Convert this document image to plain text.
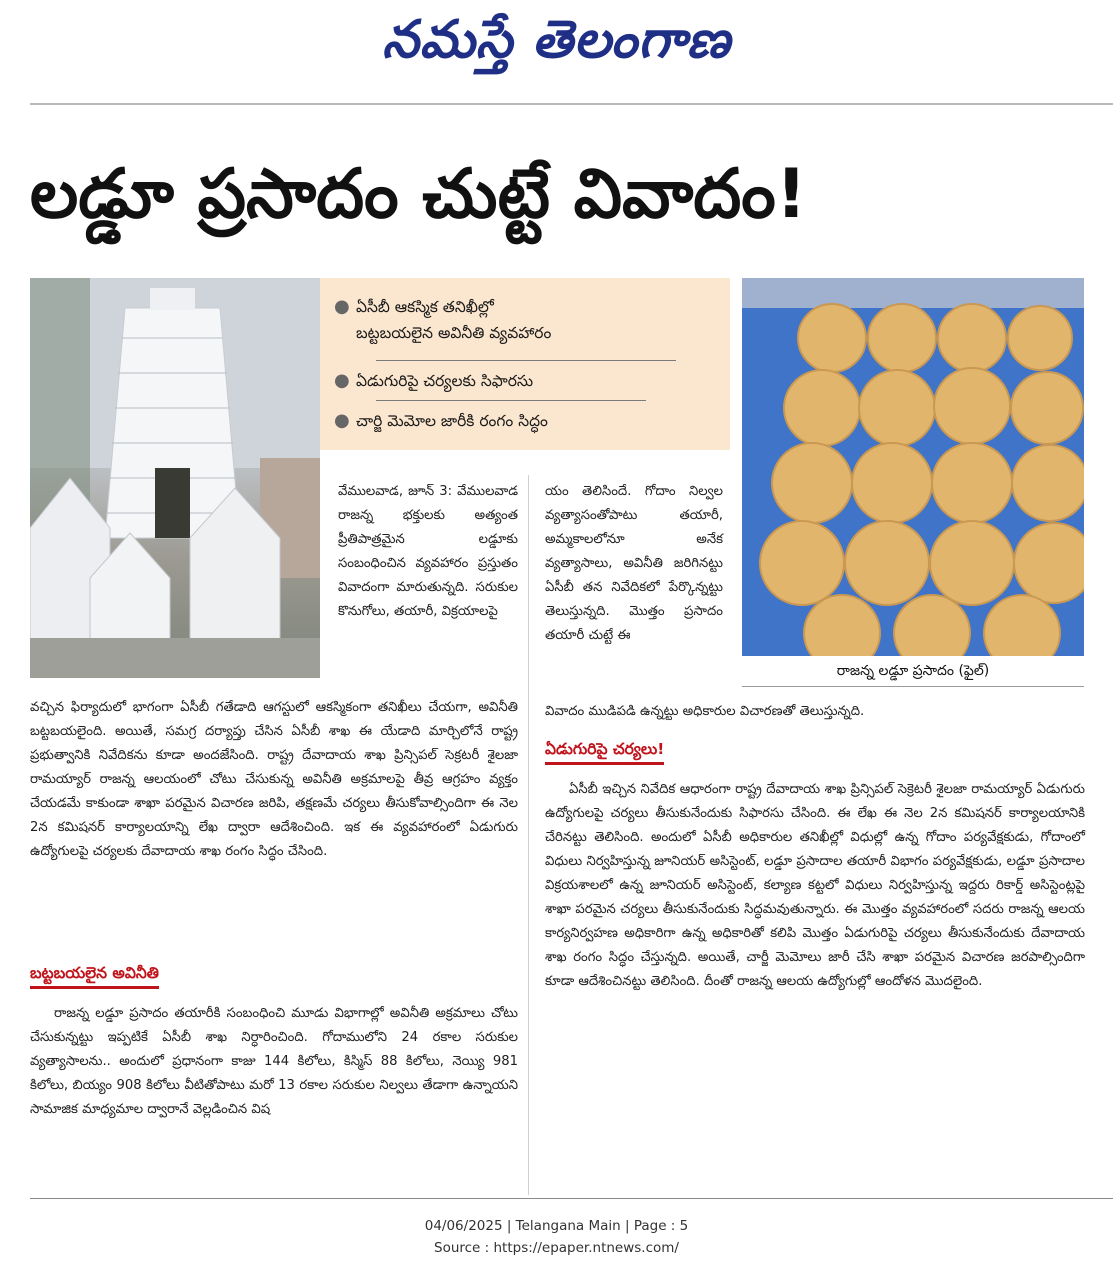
నమస్తే తెలంగాణ
లడ్డూ ప్రసాదం చుట్టే వివాదం!
● ఏసీబీ ఆకస్మిక తనిఖీల్లో
బట్టబయలైన అవినీతి వ్యవహారం
● ఏడుగురిపై చర్యలకు సిఫారసు
● చార్జి మెమోల జారీకి రంగం సిద్ధం
రాజన్న లడ్డూ ప్రసాదం (ఫైల్)

వేములవాడ, జూన్ 3: వేములవాడ రాజన్న భక్తులకు అత్యంత ప్రీతిపాత్రమైన లడ్డూకు సంబంధించిన వ్యవహారం ప్రస్తుతం వివాదంగా మారుతున్నది. సరుకుల కొనుగోలు, తయారీ, విక్రయాలపై

వచ్చిన ఫిర్యాదులో భాగంగా ఏసీబీ గతేడాది ఆగస్టులో ఆకస్మికంగా తనిఖీలు చేయగా, అవినీతి బట్టబయలైంది. అయితే, సమగ్ర దర్యాప్తు చేసిన ఏసీబీ శాఖ ఈ యేడాది మార్చిలోనే రాష్ట్ర ప్రభుత్వానికి నివేదికను కూడా అందజేసింది. రాష్ట్ర దేవాదాయ శాఖ ప్రిన్సిపల్ సెక్రటరీ శైలజా రామయ్యార్ రాజన్న ఆలయంలో చోటు చేసుకున్న అవినీతి అక్రమాలపై తీవ్ర ఆగ్రహం వ్యక్తం చేయడమే కాకుండా శాఖా పరమైన విచారణ జరిపి, తక్షణమే చర్యలు తీసుకోవాల్సిందిగా ఈ నెల 2న కమిషనర్ కార్యాలయాన్ని లేఖ ద్వారా ఆదేశించింది. ఇక ఈ వ్యవహారంలో ఏడుగురు ఉద్యోగులపై చర్యలకు దేవాదాయ శాఖ రంగం సిద్ధం చేసింది.

బట్టబయలైన అవినీతి

రాజన్న లడ్డూ ప్రసాదం తయారీకి సంబంధించి మూడు విభాగాల్లో అవినీతి అక్రమాలు చోటు చేసుకున్నట్టు ఇప్పటికే ఏసీబీ శాఖ నిర్ధారించింది. గోదాములోని 24 రకాల సరుకుల వ్యత్యాసాలను.. అందులో ప్రధానంగా కాజు 144 కిలోలు, కిస్మిస్ 88 కిలోలు, నెయ్యి 981 కిలోలు, బియ్యం 908 కిలోలు వీటితోపాటు మరో 13 రకాల సరుకుల నిల్వలు తేడాగా ఉన్నాయని సామాజిక మాధ్యమాల ద్వారానే వెల్లడించిన విష

యం తెలిసిందే. గోదాం నిల్వల వ్యత్యాసంతోపాటు తయారీ, అమ్మకాలలోనూ అనేక వ్యత్యాసాలు, అవినీతి జరిగినట్టు ఏసీబీ తన నివేదికలో పేర్కొన్నట్టు తెలుస్తున్నది. మొత్తం ప్రసాదం తయారీ చుట్టే ఈ

వివాదం ముడిపడి ఉన్నట్టు అధికారుల విచారణతో తెలుస్తున్నది.

ఏడుగురిపై చర్యలు!

ఏసీబీ ఇచ్చిన నివేదిక ఆధారంగా రాష్ట్ర దేవాదాయ శాఖ ప్రిన్సిపల్ సెక్రెటరీ శైలజా రామయ్యార్ ఏడుగురు ఉద్యోగులపై చర్యలు తీసుకునేందుకు సిఫారసు చేసింది. ఈ లేఖ ఈ నెల 2న కమిషనర్ కార్యాలయానికి చేరినట్టు తెలిసింది. అందులో ఏసీబీ అధికారుల తనిఖీల్లో విధుల్లో ఉన్న గోదాం పర్యవేక్షకుడు, గోదాంలో విధులు నిర్వహిస్తున్న జూనియర్ అసిస్టెంట్, లడ్డూ ప్రసాదాల తయారీ విభాగం పర్యవేక్షకుడు, లడ్డూ ప్రసాదాల విక్రయశాలలో ఉన్న జూనియర్ అసిస్టెంట్, కల్యాణ కట్టలో విధులు నిర్వహిస్తున్న ఇద్దరు రికార్డ్ అసిస్టెంట్లపై శాఖా పరమైన చర్యలు తీసుకునేందుకు సిద్ధమవుతున్నారు. ఈ మొత్తం వ్యవహారంలో సదరు రాజన్న ఆలయ కార్యనిర్వహణ అధికారిగా ఉన్న అధికారితో కలిపి మొత్తం ఏడుగురిపై చర్యలు తీసుకునేందుకు దేవాదాయ శాఖ రంగం సిద్ధం చేస్తున్నది. అయితే, చార్జీ మెమోలు జారీ చేసి శాఖా పరమైన విచారణ జరపాల్సిందిగా కూడా ఆదేశించినట్టు తెలిసింది. దీంతో రాజన్న ఆలయ ఉద్యోగుల్లో ఆందోళన మొదలైంది.

04/06/2025 | Telangana Main | Page : 5
Source : https://epaper.ntnews.com/
